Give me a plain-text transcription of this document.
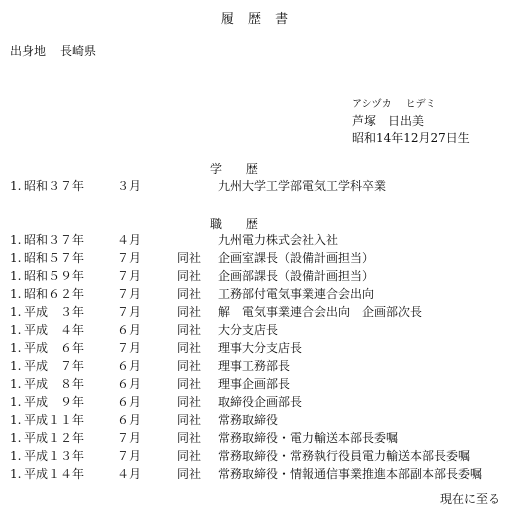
履 歴 書
出身地 長崎県
アシヅカ ヒデミ
芦塚 日出美
昭和14年12月27日生
学 歴
1. 昭和３７年	３月	九州大学工学部電気工学科卒業
職 歴
1. 昭和３７年	４月	九州電力株式会社入社
1. 昭和５７年	７月	同社 企画室課長（設備計画担当）
1. 昭和５９年	７月	同社 企画部課長（設備計画担当）
1. 昭和６２年	７月	同社 工務部付電気事業連合会出向
1. 平成　３年	７月	同社 解　電気事業連合会出向　企画部次長
1. 平成　４年	６月	同社 大分支店長
1. 平成　６年	７月	同社 理事大分支店長
1. 平成　７年	６月	同社 理事工務部長
1. 平成　８年	６月	同社 理事企画部長
1. 平成　９年	６月	同社 取締役企画部長
1. 平成１１年	６月	同社 常務取締役
1. 平成１２年	７月	同社 常務取締役・電力輸送本部長委嘱
1. 平成１３年	７月	同社 常務取締役・常務執行役員電力輸送本部長委嘱
1. 平成１４年	４月	同社 常務取締役・情報通信事業推進本部副本部長委嘱
現在に至る
